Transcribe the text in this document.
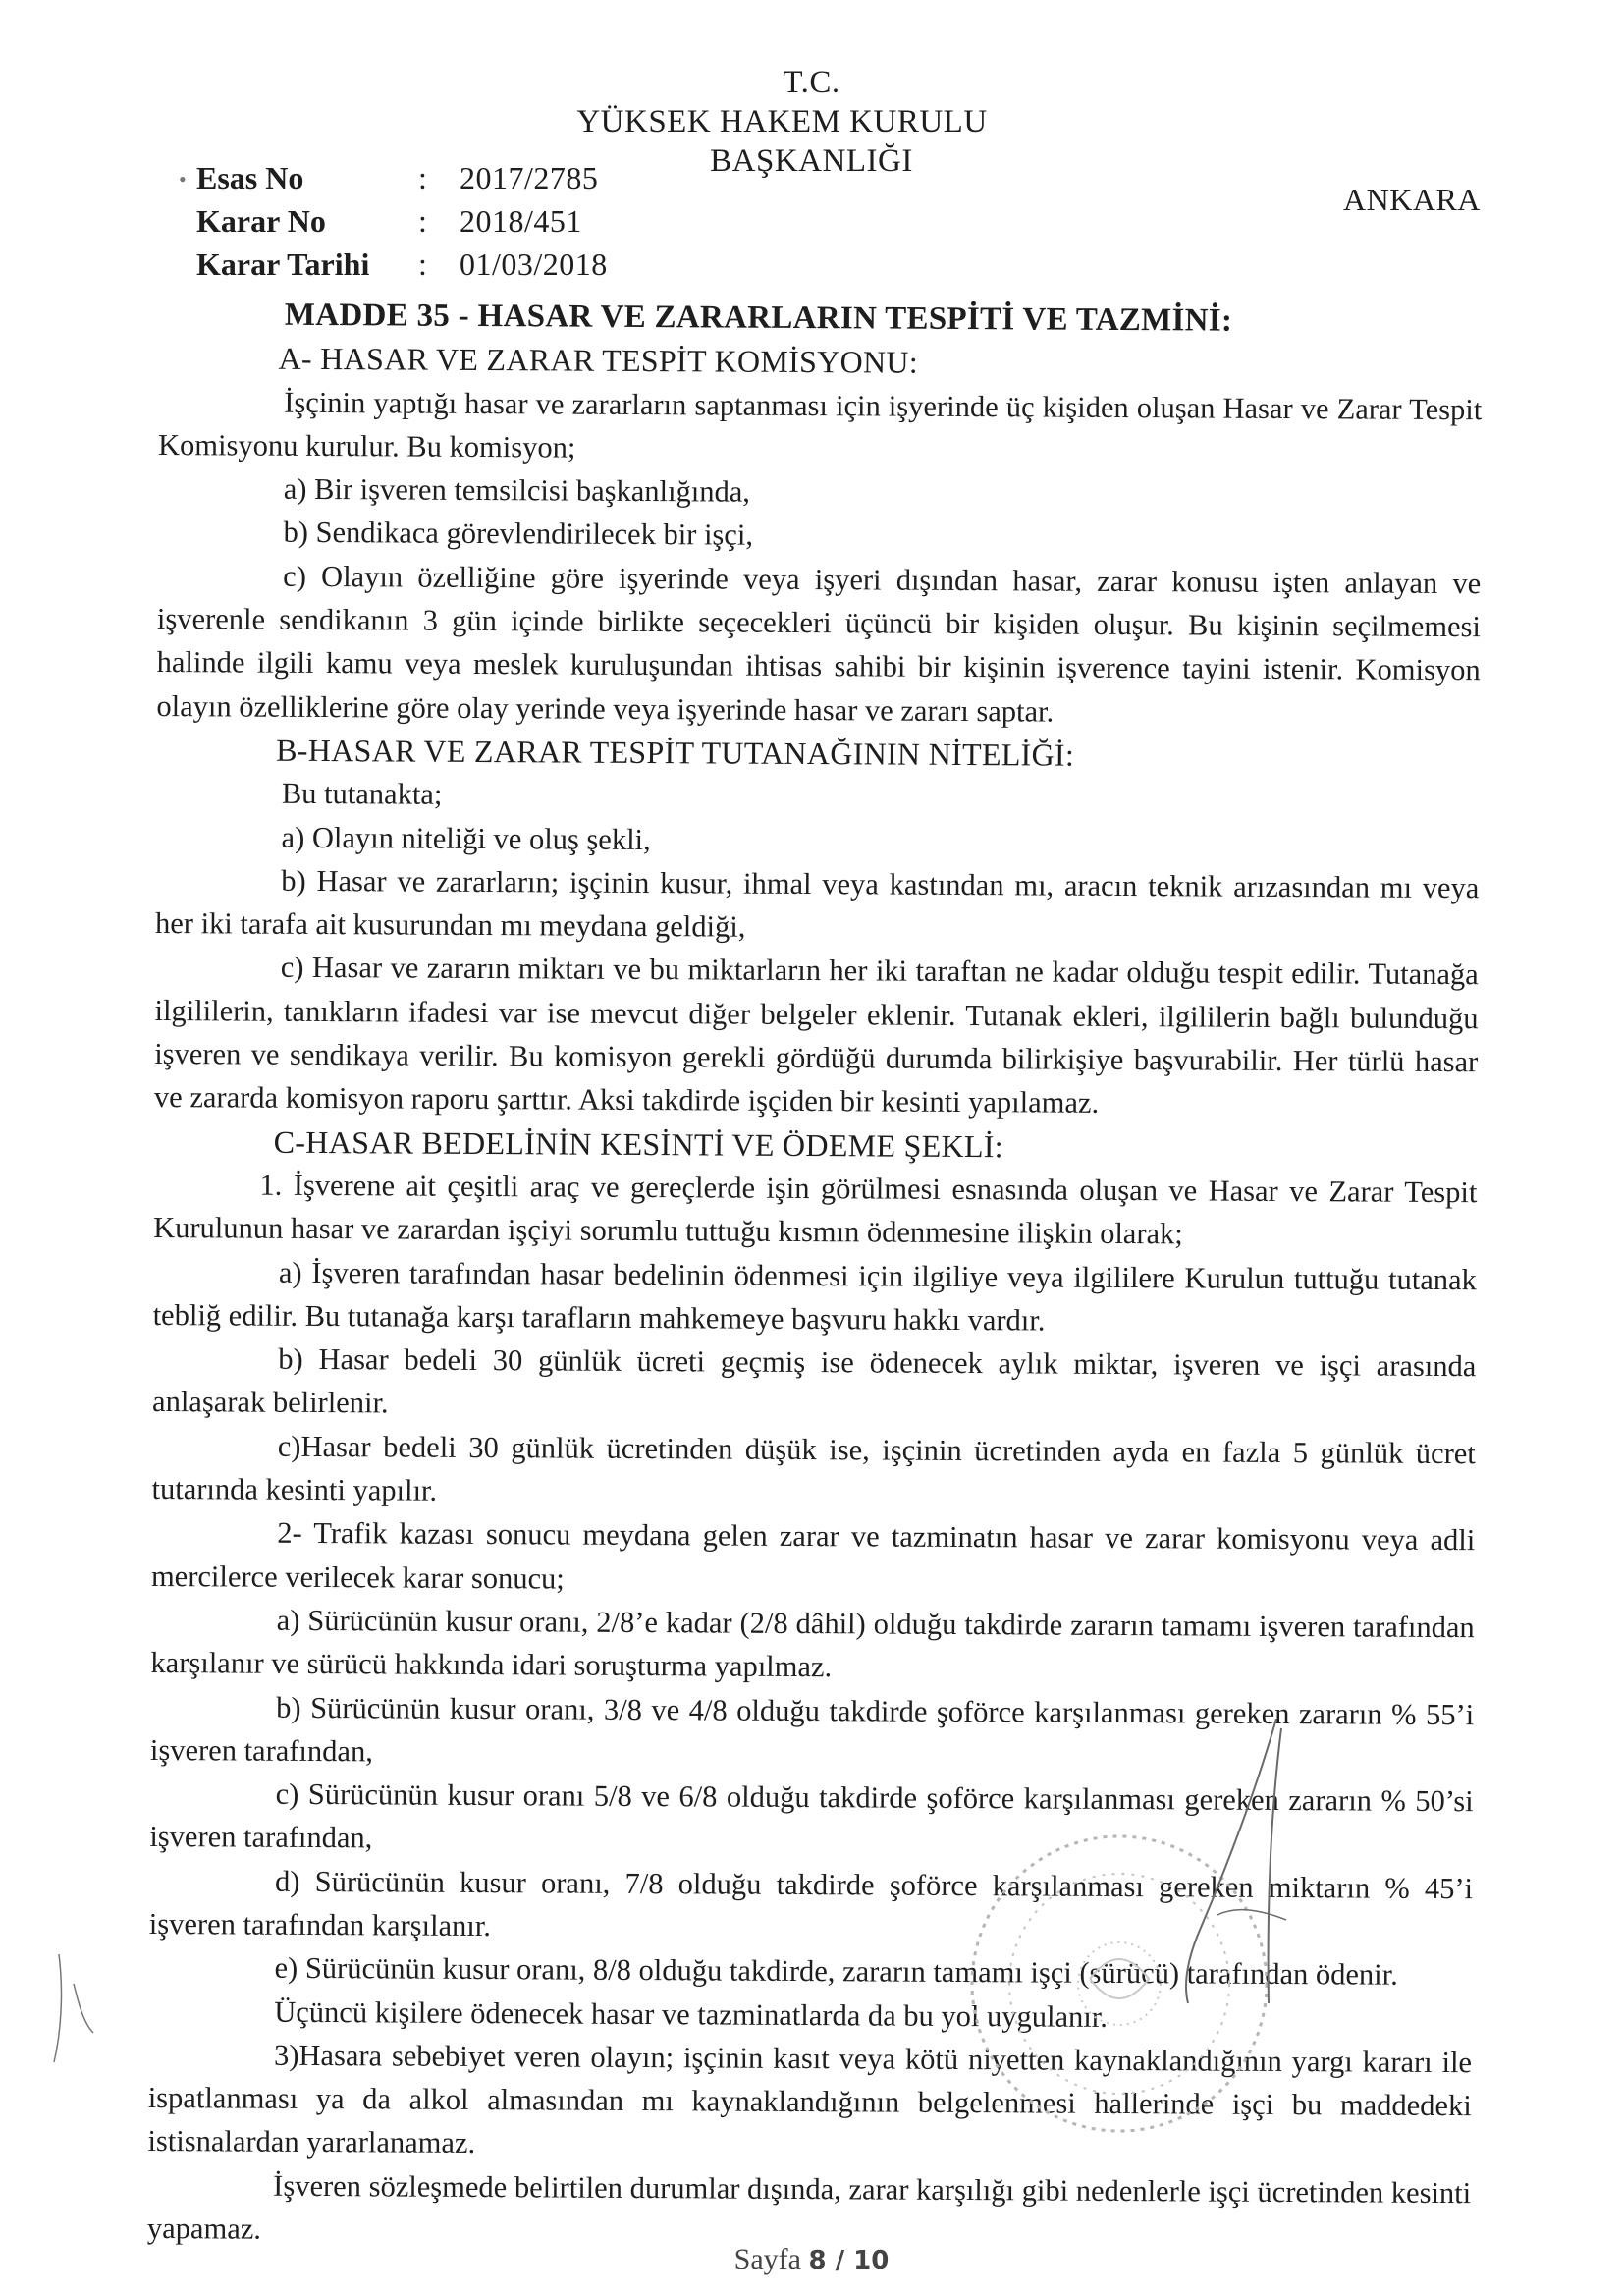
T.C.
YÜKSEK HAKEM KURULU
BAŞKANLIĞI
• Esas No	: 2017/2785
Karar No	: 2018/451
Karar Tarihi : 01/03/2018
ANKARA

MADDE 35 - HASAR VE ZARARLARIN TESPİTİ VE TAZMİNİ:

A- HASAR VE ZARAR TESPİT KOMİSYONU:

İşçinin yaptığı hasar ve zararların saptanması için işyerinde üç kişiden oluşan Hasar ve Zarar Tespit Komisyonu kurulur. Bu komisyon;

a) Bir işveren temsilcisi başkanlığında,

b) Sendikaca görevlendirilecek bir işçi,

c) Olayın özelliğine göre işyerinde veya işyeri dışından hasar, zarar konusu işten anlayan ve işverenle sendikanın 3 gün içinde birlikte seçecekleri üçüncü bir kişiden oluşur. Bu kişinin seçilmemesi halinde ilgili kamu veya meslek kuruluşundan ihtisas sahibi bir kişinin işverence tayini istenir. Komisyon olayın özelliklerine göre olay yerinde veya işyerinde hasar ve zararı saptar.

B-HASAR VE ZARAR TESPİT TUTANAĞININ NİTELİĞİ:

Bu tutanakta;

a) Olayın niteliği ve oluş şekli,

b) Hasar ve zararların; işçinin kusur, ihmal veya kastından mı, aracın teknik arızasından mı veya her iki tarafa ait kusurundan mı meydana geldiği,

c) Hasar ve zararın miktarı ve bu miktarların her iki taraftan ne kadar olduğu tespit edilir. Tutanağa ilgililerin, tanıkların ifadesi var ise mevcut diğer belgeler eklenir. Tutanak ekleri, ilgililerin bağlı bulunduğu işveren ve sendikaya verilir. Bu komisyon gerekli gördüğü durumda bilirkişiye başvurabilir. Her türlü hasar ve zararda komisyon raporu şarttır. Aksi takdirde işçiden bir kesinti yapılamaz.

C-HASAR BEDELİNİN KESİNTİ VE ÖDEME ŞEKLİ:

1. İşverene ait çeşitli araç ve gereçlerde işin görülmesi esnasında oluşan ve Hasar ve Zarar Tespit Kurulunun hasar ve zarardan işçiyi sorumlu tuttuğu kısmın ödenmesine ilişkin olarak;

a) İşveren tarafından hasar bedelinin ödenmesi için ilgiliye veya ilgililere Kurulun tuttuğu tutanak tebliğ edilir. Bu tutanağa karşı tarafların mahkemeye başvuru hakkı vardır.

b) Hasar bedeli 30 günlük ücreti geçmiş ise ödenecek aylık miktar, işveren ve işçi arasında anlaşarak belirlenir.

c)Hasar bedeli 30 günlük ücretinden düşük ise, işçinin ücretinden ayda en fazla 5 günlük ücret tutarında kesinti yapılır.

2- Trafik kazası sonucu meydana gelen zarar ve tazminatın hasar ve zarar komisyonu veya adli mercilerce verilecek karar sonucu;

a) Sürücünün kusur oranı, 2/8’e kadar (2/8 dâhil) olduğu takdirde zararın tamamı işveren tarafından karşılanır ve sürücü hakkında idari soruşturma yapılmaz.

b) Sürücünün kusur oranı, 3/8 ve 4/8 olduğu takdirde şoförce karşılanması gereken zararın % 55’i işveren tarafından,

c) Sürücünün kusur oranı 5/8 ve 6/8 olduğu takdirde şoförce karşılanması gereken zararın % 50’si işveren tarafından,

d) Sürücünün kusur oranı, 7/8 olduğu takdirde şoförce karşılanması gereken miktarın % 45’i işveren tarafından karşılanır.

e) Sürücünün kusur oranı, 8/8 olduğu takdirde, zararın tamamı işçi (sürücü) tarafından ödenir.

Üçüncü kişilere ödenecek hasar ve tazminatlarda da bu yol uygulanır.

3)Hasara sebebiyet veren olayın; işçinin kasıt veya kötü niyetten kaynaklandığının yargı kararı ile ispatlanması ya da alkol almasından mı kaynaklandığının belgelenmesi hallerinde işçi bu maddedeki istisnalardan yararlanamaz.

İşveren sözleşmede belirtilen durumlar dışında, zarar karşılığı gibi nedenlerle işçi ücretinden kesinti yapamaz.

Sayfa 8 / 10
